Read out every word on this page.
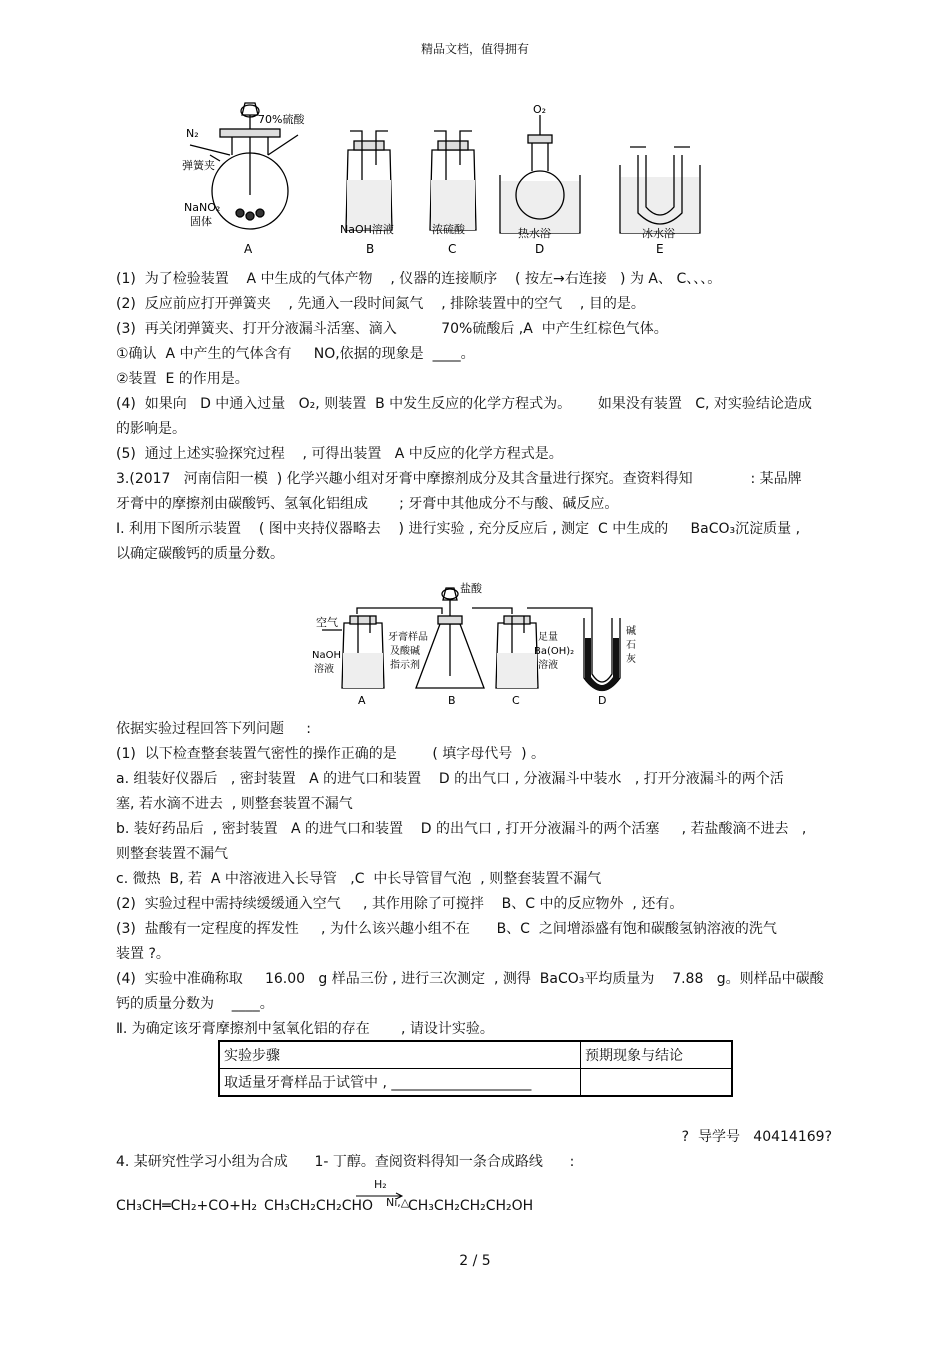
精品文档，值得拥有
70%硫酸
N₂
弹簧夹
NaNO₂
固体
O₂
NaOH溶液	浓硫酸	热水浴	冰水浴
A	B	C	D	E
(1)  为了检验装置    A 中生成的气体产物    , 仪器的连接顺序    ( 按左→右连接   ) 为 A、 C、、、。
(2)  反应前应打开弹簧夹    , 先通入一段时间氮气    , 排除装置中的空气    , 目的是。
(3)  再关闭弹簧夹、打开分液漏斗活塞、滴入          70%硫酸后 ,A  中产生红棕色气体。
①确认  A 中产生的气体含有     NO,依据的现象是  ____。
②装置  E 的作用是。
(4)  如果向   D 中通入过量   O₂, 则装置  B 中发生反应的化学方程式为。      如果没有装置   C, 对实验结论造成
的影响是。
(5)  通过上述实验探究过程    , 可得出装置   A 中反应的化学方程式是。
3.(2017   河南信阳一模  ) 化学兴趣小组对牙膏中摩擦剂成分及其含量进行探究。查资料得知             : 某品牌
牙膏中的摩擦剂由碳酸钙、氢氧化铝组成       ; 牙膏中其他成分不与酸、碱反应。
Ⅰ. 利用下图所示装置    ( 图中夹持仪器略去    ) 进行实验 , 充分反应后 , 测定  C 中生成的     BaCO₃沉淀质量 ,
以确定碳酸钙的质量分数。
盐酸
空气
NaOH
溶液
牙膏样品
及酸碱
指示剂
足量
Ba(OH)₂
溶液
碱
石
灰
A	B	C	D
依据实验过程回答下列问题     :
(1)  以下检查整套装置气密性的操作正确的是        ( 填字母代号  ) 。
a. 组装好仪器后   , 密封装置   A 的进气口和装置    D 的出气口 , 分液漏斗中装水   , 打开分液漏斗的两个活
塞, 若水滴不进去  , 则整套装置不漏气
b. 装好药品后  , 密封装置   A 的进气口和装置    D 的出气口 , 打开分液漏斗的两个活塞     , 若盐酸滴不进去   ,
则整套装置不漏气
c. 微热  B, 若  A 中溶液进入长导管   ,C  中长导管冒气泡  , 则整套装置不漏气
(2)  实验过程中需持续缓缓通入空气     , 其作用除了可搅拌    B、C 中的反应物外  , 还有。
(3)  盐酸有一定程度的挥发性     , 为什么该兴趣小组不在      B、C  之间增添盛有饱和碳酸氢钠溶液的洗气
装置 ?。
(4)  实验中准确称取     16.00   g 样品三份 , 进行三次测定  , 测得  BaCO₃平均质量为    7.88   g。则样品中碳酸
钙的质量分数为    ____。
Ⅱ. 为确定该牙膏摩擦剂中氢氧化铝的存在       , 请设计实验。
实验步骤	预期现象与结论
取适量牙膏样品于试管中 , ____________________	
?  导学号   40414169?
4. 某研究性学习小组为合成      1- 丁醇。查阅资料得知一条合成路线      :
CH₃CH═CH₂+CO+H₂ CH₃CH₂CH₂CHO
H₂
Ni,△
CH₃CH₂CH₂CH₂OH
2 / 5
